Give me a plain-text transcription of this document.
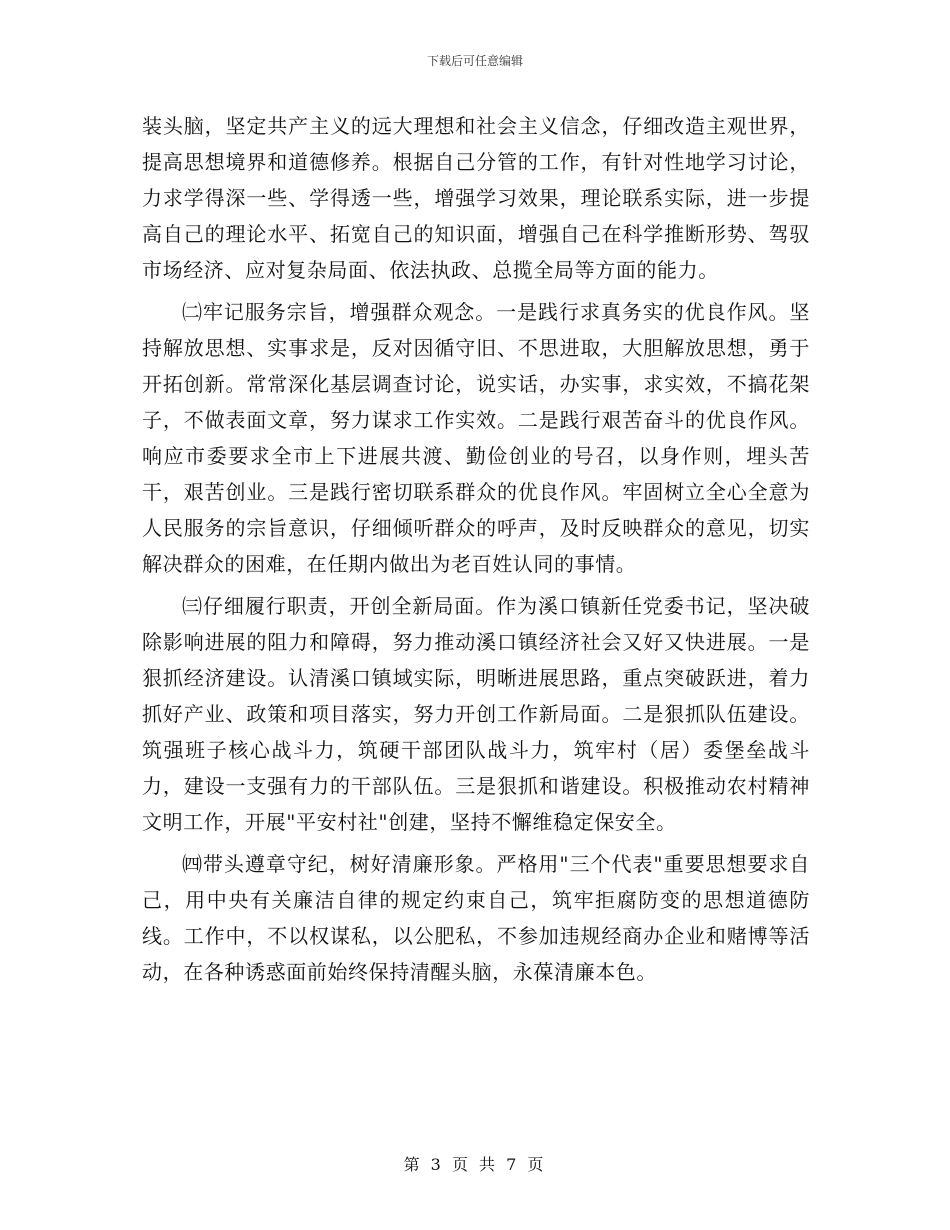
下载后可任意编辑

装头脑，坚定共产主义的远大理想和社会主义信念，仔细改造主观世界，提高思想境界和道德修养。根据自己分管的工作，有针对性地学习讨论，力求学得深一些、学得透一些，增强学习效果，理论联系实际，进一步提高自己的理论水平、拓宽自己的知识面，增强自己在科学推断形势、驾驭市场经济、应对复杂局面、依法执政、总揽全局等方面的能力。

㈡牢记服务宗旨，增强群众观念。一是践行求真务实的优良作风。坚持解放思想、实事求是，反对因循守旧、不思进取，大胆解放思想，勇于开拓创新。常常深化基层调查讨论，说实话，办实事，求实效，不搞花架子，不做表面文章，努力谋求工作实效。二是践行艰苦奋斗的优良作风。响应市委要求全市上下进展共渡、勤俭创业的号召，以身作则，埋头苦干，艰苦创业。三是践行密切联系群众的优良作风。牢固树立全心全意为人民服务的宗旨意识，仔细倾听群众的呼声，及时反映群众的意见，切实解决群众的困难，在任期内做出为老百姓认同的事情。

㈢仔细履行职责，开创全新局面。作为溪口镇新任党委书记，坚决破除影响进展的阻力和障碍，努力推动溪口镇经济社会又好又快进展。一是狠抓经济建设。认清溪口镇域实际，明晰进展思路，重点突破跃进，着力抓好产业、政策和项目落实，努力开创工作新局面。二是狠抓队伍建设。筑强班子核心战斗力，筑硬干部团队战斗力，筑牢村（居）委堡垒战斗力，建设一支强有力的干部队伍。三是狠抓和谐建设。积极推动农村精神文明工作，开展"平安村社"创建，坚持不懈维稳定保安全。

㈣带头遵章守纪，树好清廉形象。严格用"三个代表"重要思想要求自己，用中央有关廉洁自律的规定约束自己，筑牢拒腐防变的思想道德防线。工作中，不以权谋私，以公肥私，不参加违规经商办企业和赌博等活动，在各种诱惑面前始终保持清醒头脑，永葆清廉本色。

第 3 页 共 7 页
